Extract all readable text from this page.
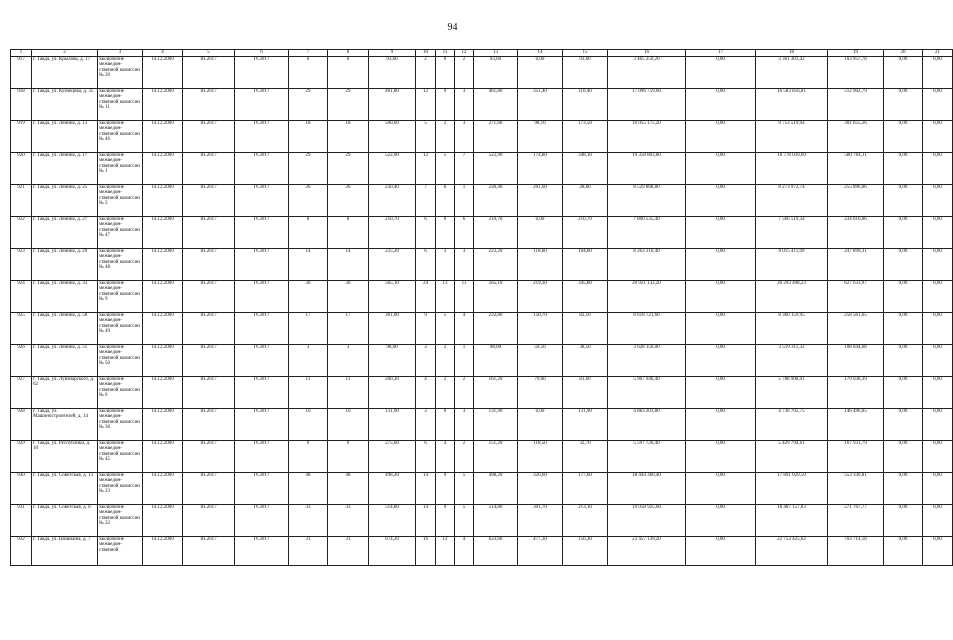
94
1	2	3	4	5	6	7	8	9	10	11	12	13	14	15	16	17	18	19	20	21
917	г. Тавда, ул. Крылова, д. 17	заключение межведом-ственной комиссии № 20	14.12.2009	III.2017	IV.2017	6	6	93,60	2	0	2	93,60	0,00	93,60	3 465 259,20	0,00	3 361 301,42	103 957,78	0,00	0,00
918	г. Тавда, ул. Кузнецова, д. 35	заключение межведом-ственной комиссии № 11	14.12.2009	III.2017	IV.2017	29	29	461,80	12	9	3	461,80	351,40	110,40	17 096 759,60	0,00	16 583 856,81	512 902,79	0,00	0,00
919	г. Тавда, ул. Ленина, д. 13	заключение межведом-ственной комиссии № 46	14.12.2009	III.2017	IV.2017	18	18	500,60	5	2	3	271,60	98,10	173,50	10 055 175,20	0,00	9 753 519,94	301 655,26	0,00	0,00
920	г. Тавда, ул. Ленина, д. 17	заключение межведом-ственной комиссии № 1	14.12.2009	III.2017	IV.2017	29	29	522,90	12	5	7	522,90	174,80	348,10	19 358 803,80	0,00	18 778 039,69	580 764,11	0,00	0,00
921	г. Тавда, ул. Ленина, д. 25	заключение межведом-ственной комиссии № 2	14.12.2009	III.2017	IV.2017	26	26	230,40	7	6	1	230,40	201,60	28,80	8 529 868,80	0,00	8 273 972,74	255 896,06	0,00	0,00
922	г. Тавда, ул. Ленина, д. 27	заключение межведом-ственной комиссии № 47	14.12.2009	III.2017	IV.2017	8	8	210,70	6	0	6	210,70	0,00	210,70	7 800 535,40	0,00	7 566 519,34	234 016,06	0,00	0,00
923	г. Тавда, ул. Ленина, д. 29	заключение межведом-ственной комиссии № 48	14.12.2009	III.2017	IV.2017	14	14	225,20	6	3	3	223,20	118,60	104,60	8 263 310,40	0,00	8 015 411,09	247 899,31	0,00	0,00
924	г. Тавда, ул. Ленина, д. 33	заключение межведом-ственной комиссии № 9	14.12.2009	III.2017	IV.2017	30	30	565,10	24	13	11	565,10	219,30	345,80	20 921 132,20	0,00	20 293 498,23	627 633,97	0,00	0,00
925	г. Тавда, ул. Ленина, д. 50	заключение межведом-ственной комиссии № 49	14.12.2009	III.2017	IV.2017	17	17	361,00	9	5	4	232,80	150,70	82,10	8 618 721,60	0,00	8 360 159,95	258 561,65	0,00	0,00
926	г. Тавда, ул. Ленина, д. 51	заключение межведом-ственной комиссии № 50	14.12.2009	III.2017	IV.2017	3	3	98,00	3	2	1	98,00	59,50	38,50	3 628 156,00	0,00	3 519 311,32	108 844,68	0,00	0,00
927	г. Тавда, ул. Луначарского, д. 62	заключение межведом-ственной комиссии № 6	14.12.2009	III.2017	IV.2017	11	11	200,30	4	2	2	161,20	79,60	81,60	5 967 946,40	0,00	5 788 908,01	179 038,39	0,00	0,00
928	г. Тавда, ул. Машиностроителей, д. 14	заключение межведом-ственной комиссии № 36	14.12.2009	III.2017	IV.2017	10	10	131,90	3	0	3	131,90	0,00	131,90	4 883 201,80	0,00	4 736 705,75	146 496,05	0,00	0,00
929	г. Тавда, ул. Республики, д. 10	заключение межведом-ственной комиссии № 45	14.12.2009	III.2017	IV.2017	9	9	275,60	6	4	2	151,20	118,50	32,70	5 597 726,40	0,00	5 429 794,61	167 931,79	0,00	0,00
930	г. Тавда, ул. Советская, д. 13	заключение межведом-ственной комиссии № 23	14.12.2009	III.2017	IV.2017	48	48	498,20	14	9	5	498,20	320,60	177,60	18 444 360,40	0,00	17 891 029,59	553 330,81	0,00	0,00
931	г. Тавда, ул. Советская, д. 6	заключение межведом-ственной комиссии № 22	14.12.2009	III.2017	IV.2017	33	33	514,80	14	9	5	514,80	301,70	213,10	19 058 925,60	0,00	18 487 157,83	571 767,77	0,00	0,00
932	г. Тавда, ул. Шишкина, д. 7	заключение межведом-ственной	14.12.2009	III.2017	IV.2017	31	31	674,20	16	12	4	633,60	477,30	156,30	23 457 139,20	0,00	22 753 425,02	703 714,18	0,00	0,00
